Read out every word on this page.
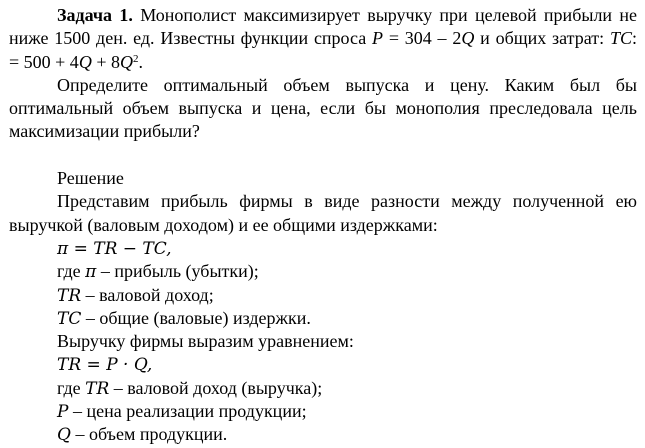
Задача 1. Монополист максимизирует выручку при целевой прибыли не
ниже 1500 ден. ед. Известны функции спроса P = 304 – 2Q и общих затрат: TC:
= $500 + 4Q + 8Q^2$.
Определите оптимальный объем выпуска и цену. Каким был бы
оптимальный объем выпуска и цена, если бы монополия преследовала цель
максимизации прибыли?
Решение
Представим прибыль фирмы в виде разности между полученной ею
выручкой (валовым доходом) и ее общими издержками:
π = TR − TC,
где π – прибыль (убытки);
TR – валовой доход;
TC – общие (валовые) издержки.
Выручку фирмы выразим уравнением:
TR = P · Q,
где TR – валовой доход (выручка);
P – цена реализации продукции;
Q – объем продукции.
